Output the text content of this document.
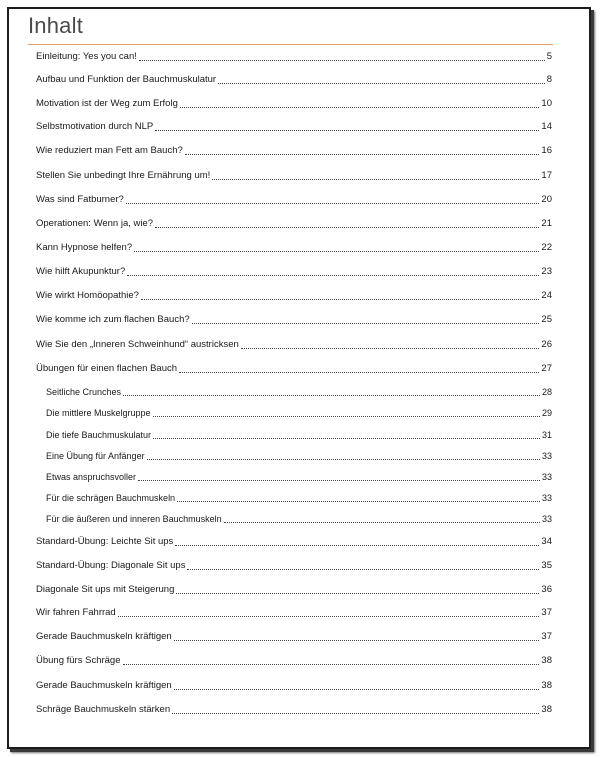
Inhalt
Einleitung: Yes you can!	5
Aufbau und Funktion der Bauchmuskulatur	8
Motivation ist der Weg zum Erfolg	10
Selbstmotivation durch NLP	14
Wie reduziert man Fett am Bauch?	16
Stellen Sie unbedingt Ihre Ernährung um!	17
Was sind Fatburner?	20
Operationen: Wenn ja, wie?	21
Kann Hypnose helfen?	22
Wie hilft Akupunktur?	23
Wie wirkt Homöopathie?	24
Wie komme ich zum flachen Bauch?	25
Wie Sie den „Inneren Schweinhund“ austricksen	26
Übungen für einen flachen Bauch	27
Seitliche Crunches	28
Die mittlere Muskelgruppe	29
Die tiefe Bauchmuskulatur	31
Eine Übung für Anfänger	33
Etwas anspruchsvoller	33
Für die schrägen Bauchmuskeln	33
Für die äußeren und inneren Bauchmuskeln	33
Standard-Übung: Leichte Sit ups	34
Standard-Übung: Diagonale Sit ups	35
Diagonale Sit ups mit Steigerung	36
Wir fahren Fahrrad	37
Gerade Bauchmuskeln kräftigen	37
Übung fürs Schräge	38
Gerade Bauchmuskeln kräftigen	38
Schräge Bauchmuskeln stärken	38
